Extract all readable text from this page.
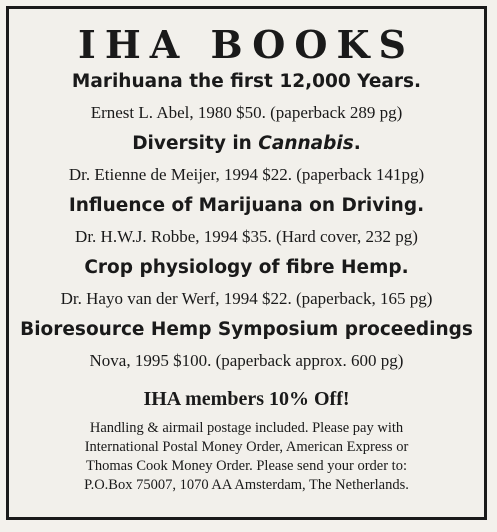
IHA BOOKS
Marihuana the first 12,000 Years.
Ernest L. Abel, 1980 $50. (paperback 289 pg)
Diversity in Cannabis.
Dr. Etienne de Meijer, 1994 $22. (paperback 141pg)
Influence of Marijuana on Driving.
Dr. H.W.J. Robbe, 1994 $35. (Hard cover, 232 pg)
Crop physiology of fibre Hemp.
Dr. Hayo van der Werf, 1994 $22. (paperback, 165 pg)
Bioresource Hemp Symposium proceedings
Nova, 1995 $100. (paperback approx. 600 pg)
IHA members 10% Off!
Handling & airmail postage included. Please pay with
International Postal Money Order, American Express or
Thomas Cook Money Order. Please send your order to:
P.O.Box 75007, 1070 AA Amsterdam, The Netherlands.
